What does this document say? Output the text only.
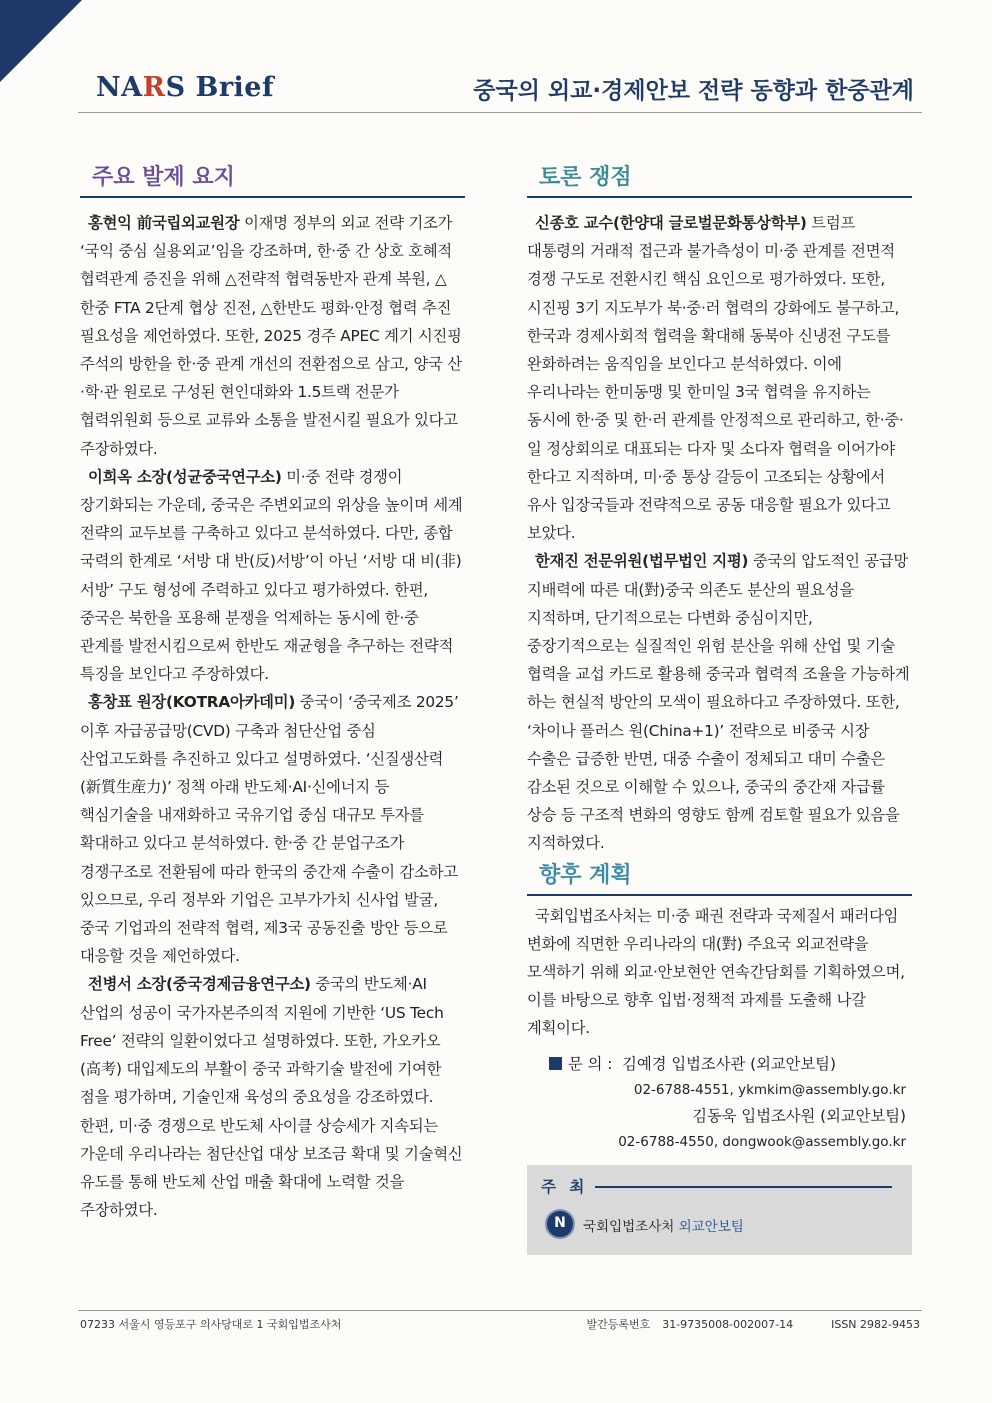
NARS Brief	중국의 외교·경제안보 전략 동향과 한중관계
주요 발제 요지

홍현익 前국립외교원장 이재명 정부의 외교 전략 기조가 ‘국익 중심 실용외교’임을 강조하며, 한·중 간 상호 호혜적 협력관계 증진을 위해 △전략적 협력동반자 관계 복원, △한중 FTA 2단계 협상 진전, △한반도 평화·안정 협력 추진 필요성을 제언하였다. 또한, 2025 경주 APEC 계기 시진핑 주석의 방한을 한·중 관계 개선의 전환점으로 삼고, 양국 산·학·관 원로로 구성된 현인대화와 1.5트랙 전문가 협력위원회 등으로 교류와 소통을 발전시킬 필요가 있다고 주장하였다.

이희옥 소장(성균중국연구소) 미·중 전략 경쟁이 장기화되는 가운데, 중국은 주변외교의 위상을 높이며 세계 전략의 교두보를 구축하고 있다고 분석하였다. 다만, 종합 국력의 한계로 ‘서방 대 반(反)서방’이 아닌 ‘서방 대 비(非)서방’ 구도 형성에 주력하고 있다고 평가하였다. 한편, 중국은 북한을 포용해 분쟁을 억제하는 동시에 한·중 관계를 발전시킴으로써 한반도 재균형을 추구하는 전략적 특징을 보인다고 주장하였다.

홍창표 원장(KOTRA아카데미) 중국이 ‘중국제조 2025’ 이후 자급공급망(CVD) 구축과 첨단산업 중심 산업고도화를 추진하고 있다고 설명하였다. ‘신질생산력(新質生産力)’ 정책 아래 반도체·AI·신에너지 등 핵심기술을 내재화하고 국유기업 중심 대규모 투자를 확대하고 있다고 분석하였다. 한·중 간 분업구조가 경쟁구조로 전환됨에 따라 한국의 중간재 수출이 감소하고 있으므로, 우리 정부와 기업은 고부가가치 신사업 발굴, 중국 기업과의 전략적 협력, 제3국 공동진출 방안 등으로 대응할 것을 제언하였다.

전병서 소장(중국경제금융연구소) 중국의 반도체·AI 산업의 성공이 국가자본주의적 지원에 기반한 ‘US Tech Free’ 전략의 일환이었다고 설명하였다. 또한, 가오카오(高考) 대입제도의 부활이 중국 과학기술 발전에 기여한 점을 평가하며, 기술인재 육성의 중요성을 강조하였다. 한편, 미·중 경쟁으로 반도체 사이클 상승세가 지속되는 가운데 우리나라는 첨단산업 대상 보조금 확대 및 기술혁신 유도를 통해 반도체 산업 매출 확대에 노력할 것을 주장하였다.

토론 쟁점

신종호 교수(한양대 글로벌문화통상학부) 트럼프 대통령의 거래적 접근과 불가측성이 미·중 관계를 전면적 경쟁 구도로 전환시킨 핵심 요인으로 평가하였다. 또한, 시진핑 3기 지도부가 북·중·러 협력의 강화에도 불구하고, 한국과 경제사회적 협력을 확대해 동북아 신냉전 구도를 완화하려는 움직임을 보인다고 분석하였다. 이에 우리나라는 한미동맹 및 한미일 3국 협력을 유지하는 동시에 한·중 및 한·러 관계를 안정적으로 관리하고, 한·중·일 정상회의로 대표되는 다자 및 소다자 협력을 이어가야 한다고 지적하며, 미·중 통상 갈등이 고조되는 상황에서 유사 입장국들과 전략적으로 공동 대응할 필요가 있다고 보았다.

한재진 전문위원(법무법인 지평) 중국의 압도적인 공급망 지배력에 따른 대(對)중국 의존도 분산의 필요성을 지적하며, 단기적으로는 다변화 중심이지만, 중장기적으로는 실질적인 위험 분산을 위해 산업 및 기술 협력을 교섭 카드로 활용해 중국과 협력적 조율을 가능하게 하는 현실적 방안의 모색이 필요하다고 주장하였다. 또한, ‘차이나 플러스 원(China+1)’ 전략으로 비중국 시장 수출은 급증한 반면, 대중 수출이 정체되고 대미 수출은 감소된 것으로 이해할 수 있으나, 중국의 중간재 자급률 상승 등 구조적 변화의 영향도 함께 검토할 필요가 있음을 지적하였다.

향후 계획

국회입법조사처는 미·중 패권 전략과 국제질서 패러다임 변화에 직면한 우리나라의 대(對) 주요국 외교전략을 모색하기 위해 외교·안보현안 연속간담회를 기획하였으며, 이를 바탕으로 향후 입법·정책적 과제를 도출해 나갈 계획이다.

문 의 : 김예경 입법조사관 (외교안보팀)
02-6788-4551, ykmkim@assembly.go.kr
김동욱 입법조사원 (외교안보팀)
02-6788-4550, dongwook@assembly.go.kr
주 최
N
국회입법조사처 외교안보팀
07233 서울시 영등포구 의사당대로 1 국회입법조사처	발간등록번호 31-9735008-002007-14	ISSN 2982-9453
